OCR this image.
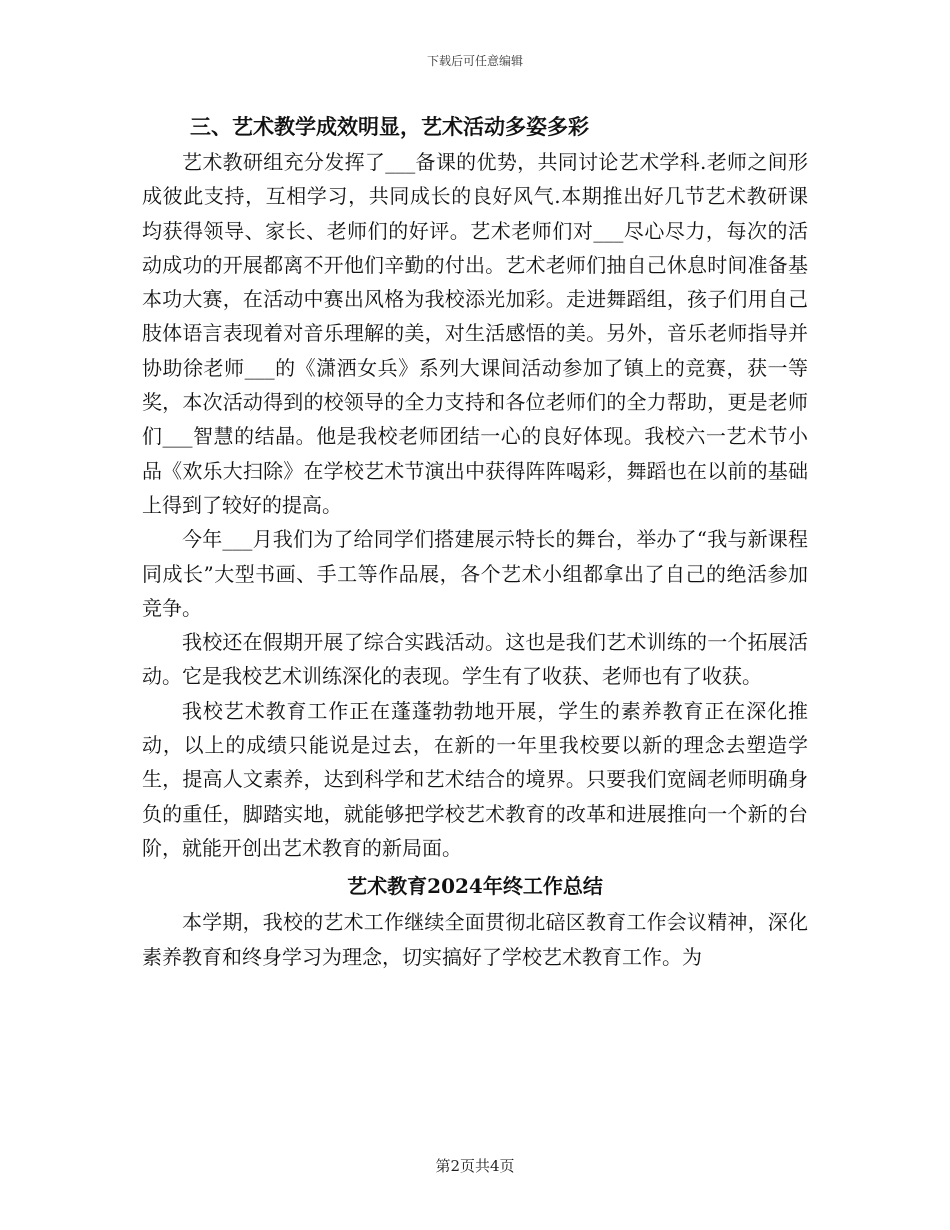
下载后可任意编辑
三、艺术教学成效明显，艺术活动多姿多彩

艺术教研组充分发挥了___备课的优势，共同讨论艺术学科.老师之间形成彼此支持，互相学习，共同成长的良好风气.本期推出好几节艺术教研课均获得领导、家长、老师们的好评。艺术老师们对___尽心尽力，每次的活动成功的开展都离不开他们辛勤的付出。艺术老师们抽自己休息时间准备基本功大赛，在活动中赛出风格为我校添光加彩。走进舞蹈组，孩子们用自己肢体语言表现着对音乐理解的美，对生活感悟的美。另外，音乐老师指导并协助徐老师___的《潇洒女兵》系列大课间活动参加了镇上的竞赛，获一等奖，本次活动得到的校领导的全力支持和各位老师们的全力帮助，更是老师们___智慧的结晶。他是我校老师团结一心的良好体现。我校六一艺术节小品《欢乐大扫除》在学校艺术节演出中获得阵阵喝彩，舞蹈也在以前的基础上得到了较好的提高。

今年___月我们为了给同学们搭建展示特长的舞台，举办了“我与新课程同成长”大型书画、手工等作品展，各个艺术小组都拿出了自己的绝活参加竞争。

我校还在假期开展了综合实践活动。这也是我们艺术训练的一个拓展活动。它是我校艺术训练深化的表现。学生有了收获、老师也有了收获。

我校艺术教育工作正在蓬蓬勃勃地开展，学生的素养教育正在深化推动，以上的成绩只能说是过去，在新的一年里我校要以新的理念去塑造学生，提高人文素养，达到科学和艺术结合的境界。只要我们宽阔老师明确身负的重任，脚踏实地，就能够把学校艺术教育的改革和进展推向一个新的台阶，就能开创出艺术教育的新局面。

艺术教育2024年终工作总结

本学期，我校的艺术工作继续全面贯彻北碚区教育工作会议精神，深化素养教育和终身学习为理念，切实搞好了学校艺术教育工作。为

第2页共4页
